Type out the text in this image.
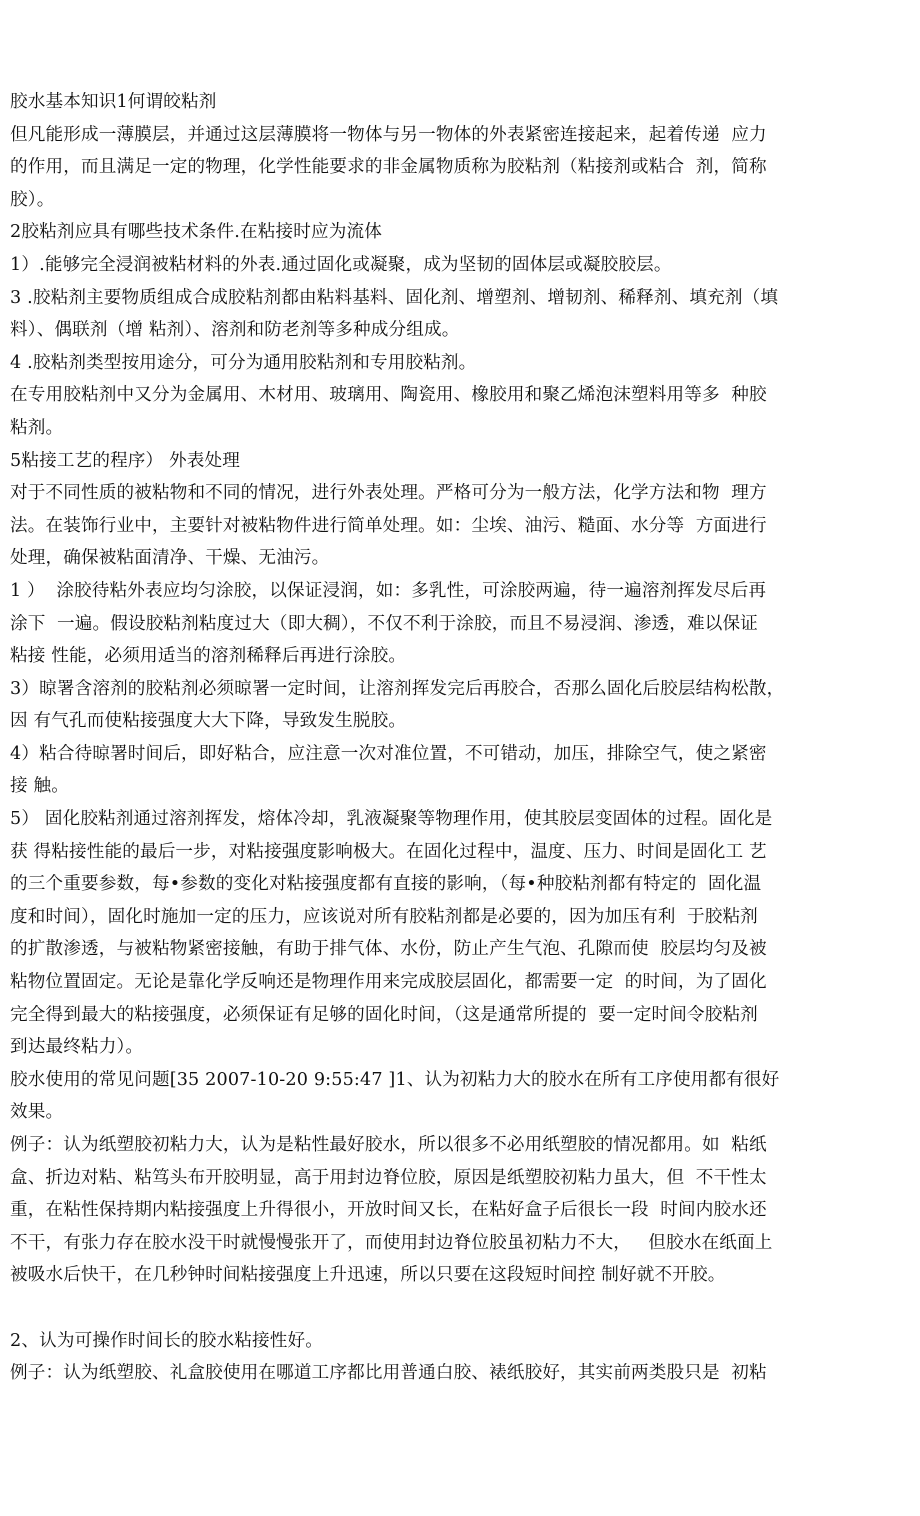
胶水基本知识1何谓皎粘剂
但凡能形成一薄膜层，并通过这层薄膜将一物体与另一物体的外表紧密连接起来，起着传递  应力
的作用，而且满足一定的物理，化学性能要求的非金属物质称为胶粘剂（粘接剂或粘合  剂，简称
胶）。
2胶粘剂应具有哪些技术条件.在粘接时应为流体
1）.能够完全浸润被粘材料的外表.通过固化或凝聚，成为坚韧的固体层或凝胶胶层。
3 .胶粘剂主要物质组成合成胶粘剂都由粘料基料、固化剂、增塑剂、增韧剂、稀释剂、填充剂（填
料）、偶联剂（增 粘剂）、溶剂和防老剂等多种成分组成。
4 .胶粘剂类型按用途分，可分为通用胶粘剂和专用胶粘剂。
在专用胶粘剂中又分为金属用、木材用、玻璃用、陶瓷用、橡胶用和聚乙烯泡沫塑料用等多  种胶
粘剂。
5粘接工艺的程序） 外表处理
对于不同性质的被粘物和不同的情况，进行外表处理。严格可分为一般方法，化学方法和物  理方
法。在装饰行业中，主要针对被粘物件进行简单处理。如：尘埃、油污、糙面、水分等  方面进行
处理，确保被粘面清净、干燥、无油污。
1 ）  涂胶待粘外表应均匀涂胶，以保证浸润，如：多乳性，可涂胶两遍，待一遍溶剂挥发尽后再
涂下  一遍。假设胶粘剂粘度过大（即大稠），不仅不利于涂胶，而且不易浸润、渗透，难以保证
粘接 性能，必须用适当的溶剂稀释后再进行涂胶。
3）晾署含溶剂的胶粘剂必须晾署一定时间，让溶剂挥发完后再胶合，否那么固化后胶层结构松散，
因 有气孔而使粘接强度大大下降，导致发生脱胶。
4）粘合待晾署时间后，即好粘合，应注意一次对准位置，不可错动，加压，排除空气，使之紧密
接 触。
5） 固化胶粘剂通过溶剂挥发，熔体冷却，乳液凝聚等物理作用，使其胶层变固体的过程。固化是
获 得粘接性能的最后一步，对粘接强度影响极大。在固化过程中，温度、压力、时间是固化工 艺
的三个重要参数，每•参数的变化对粘接强度都有直接的影响，（每•种胶粘剂都有特定的  固化温
度和时间），固化时施加一定的压力，应该说对所有胶粘剂都是必要的，因为加压有利  于胶粘剂
的扩散渗透，与被粘物紧密接触，有助于排气体、水份，防止产生气泡、孔隙而使  胶层均匀及被
粘物位置固定。无论是靠化学反响还是物理作用来完成胶层固化，都需要一定  的时间，为了固化
完全得到最大的粘接强度，必须保证有足够的固化时间，（这是通常所提的  要一定时间令胶粘剂
到达最终粘力）。
胶水使用的常见问题[35 2007-10-20 9:55:47 ]1、认为初粘力大的胶水在所有工序使用都有很好
效果。
例子：认为纸塑胶初粘力大，认为是粘性最好胶水，所以很多不必用纸塑胶的情况都用。如  粘纸
盒、折边对粘、粘笃头布开胶明显，高于用封边脊位胶，原因是纸塑胶初粘力虽大，但  不干性太
重，在粘性保持期内粘接强度上升得很小，开放时间又长，在粘好盒子后很长一段  时间内胶水还
不干，有张力存在胶水没干时就慢慢张开了，而使用封边脊位胶虽初粘力不大，   但胶水在纸面上
被吸水后快干，在几秒钟时间粘接强度上升迅速，所以只要在这段短时间控 制好就不开胶。
2、认为可操作时间长的胶水粘接性好。
例子：认为纸塑胶、礼盒胶使用在哪道工序都比用普通白胶、裱纸胶好，其实前两类股只是  初粘
